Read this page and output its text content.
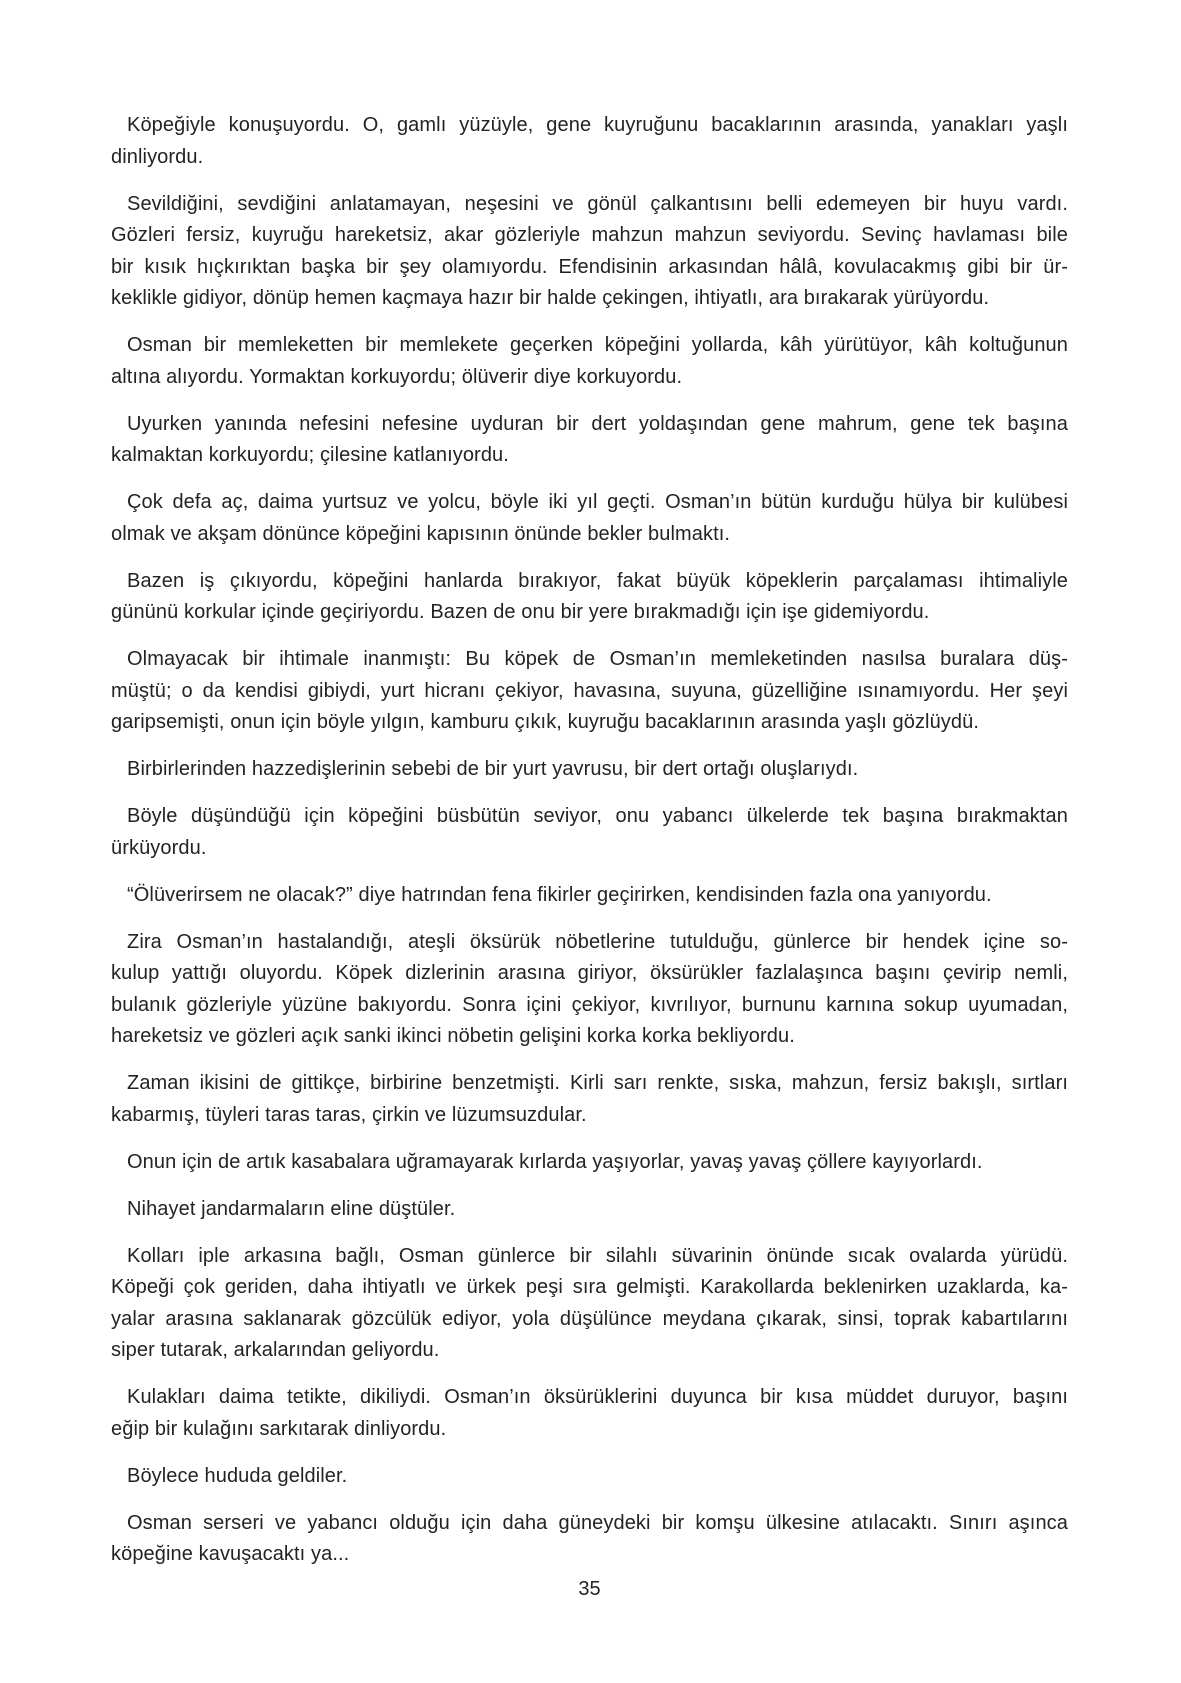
Köpeğiyle konuşuyordu. O, gamlı yüzüyle, gene kuyruğunu bacaklarının arasında, yanakları yaşlı
dinliyordu.

Sevildiğini, sevdiğini anlatamayan, neşesini ve gönül çalkantısını belli edemeyen bir huyu vardı.
Gözleri fersiz, kuyruğu hareketsiz, akar gözleriyle mahzun mahzun seviyordu. Sevinç havlaması bile
bir kısık hıçkırıktan başka bir şey olamıyordu. Efendisinin arkasından hâlâ, kovulacakmış gibi bir ür-
keklikle gidiyor, dönüp hemen kaçmaya hazır bir halde çekingen, ihtiyatlı, ara bırakarak yürüyordu.

Osman bir memleketten bir memlekete geçerken köpeğini yollarda, kâh yürütüyor, kâh koltuğunun
altına alıyordu. Yormaktan korkuyordu; ölüverir diye korkuyordu.

Uyurken yanında nefesini nefesine uyduran bir dert yoldaşından gene mahrum, gene tek başına
kalmaktan korkuyordu; çilesine katlanıyordu.

Çok defa aç, daima yurtsuz ve yolcu, böyle iki yıl geçti. Osman’ın bütün kurduğu hülya bir kulübesi
olmak ve akşam dönünce köpeğini kapısının önünde bekler bulmaktı.

Bazen iş çıkıyordu, köpeğini hanlarda bırakıyor, fakat büyük köpeklerin parçalaması ihtimaliyle
gününü korkular içinde geçiriyordu. Bazen de onu bir yere bırakmadığı için işe gidemiyordu.

Olmayacak bir ihtimale inanmıştı: Bu köpek de Osman’ın memleketinden nasılsa buralara düş-
müştü; o da kendisi gibiydi, yurt hicranı çekiyor, havasına, suyuna, güzelliğine ısınamıyordu. Her şeyi
garipsemişti, onun için böyle yılgın, kamburu çıkık, kuyruğu bacaklarının arasında yaşlı gözlüydü.

Birbirlerinden hazzedişlerinin sebebi de bir yurt yavrusu, bir dert ortağı oluşlarıydı.

Böyle düşündüğü için köpeğini büsbütün seviyor, onu yabancı ülkelerde tek başına bırakmaktan
ürküyordu.

“Ölüverirsem ne olacak?” diye hatrından fena fikirler geçirirken, kendisinden fazla ona yanıyordu.

Zira Osman’ın hastalandığı, ateşli öksürük nöbetlerine tutulduğu, günlerce bir hendek içine so-
kulup yattığı oluyordu. Köpek dizlerinin arasına giriyor, öksürükler fazlalaşınca başını çevirip nemli,
bulanık gözleriyle yüzüne bakıyordu. Sonra içini çekiyor, kıvrılıyor, burnunu karnına sokup uyumadan,
hareketsiz ve gözleri açık sanki ikinci nöbetin gelişini korka korka bekliyordu.

Zaman ikisini de gittikçe, birbirine benzetmişti. Kirli sarı renkte, sıska, mahzun, fersiz bakışlı, sırtları
kabarmış, tüyleri taras taras, çirkin ve lüzumsuzdular.

Onun için de artık kasabalara uğramayarak kırlarda yaşıyorlar, yavaş yavaş çöllere kayıyorlardı.

Nihayet jandarmaların eline düştüler.

Kolları iple arkasına bağlı, Osman günlerce bir silahlı süvarinin önünde sıcak ovalarda yürüdü.
Köpeği çok geriden, daha ihtiyatlı ve ürkek peşi sıra gelmişti. Karakollarda beklenirken uzaklarda, ka-
yalar arasına saklanarak gözcülük ediyor, yola düşülünce meydana çıkarak, sinsi, toprak kabartılarını
siper tutarak, arkalarından geliyordu.

Kulakları daima tetikte, dikiliydi. Osman’ın öksürüklerini duyunca bir kısa müddet duruyor, başını
eğip bir kulağını sarkıtarak dinliyordu.

Böylece hududa geldiler.

Osman serseri ve yabancı olduğu için daha güneydeki bir komşu ülkesine atılacaktı. Sınırı aşınca
köpeğine kavuşacaktı ya...

35
